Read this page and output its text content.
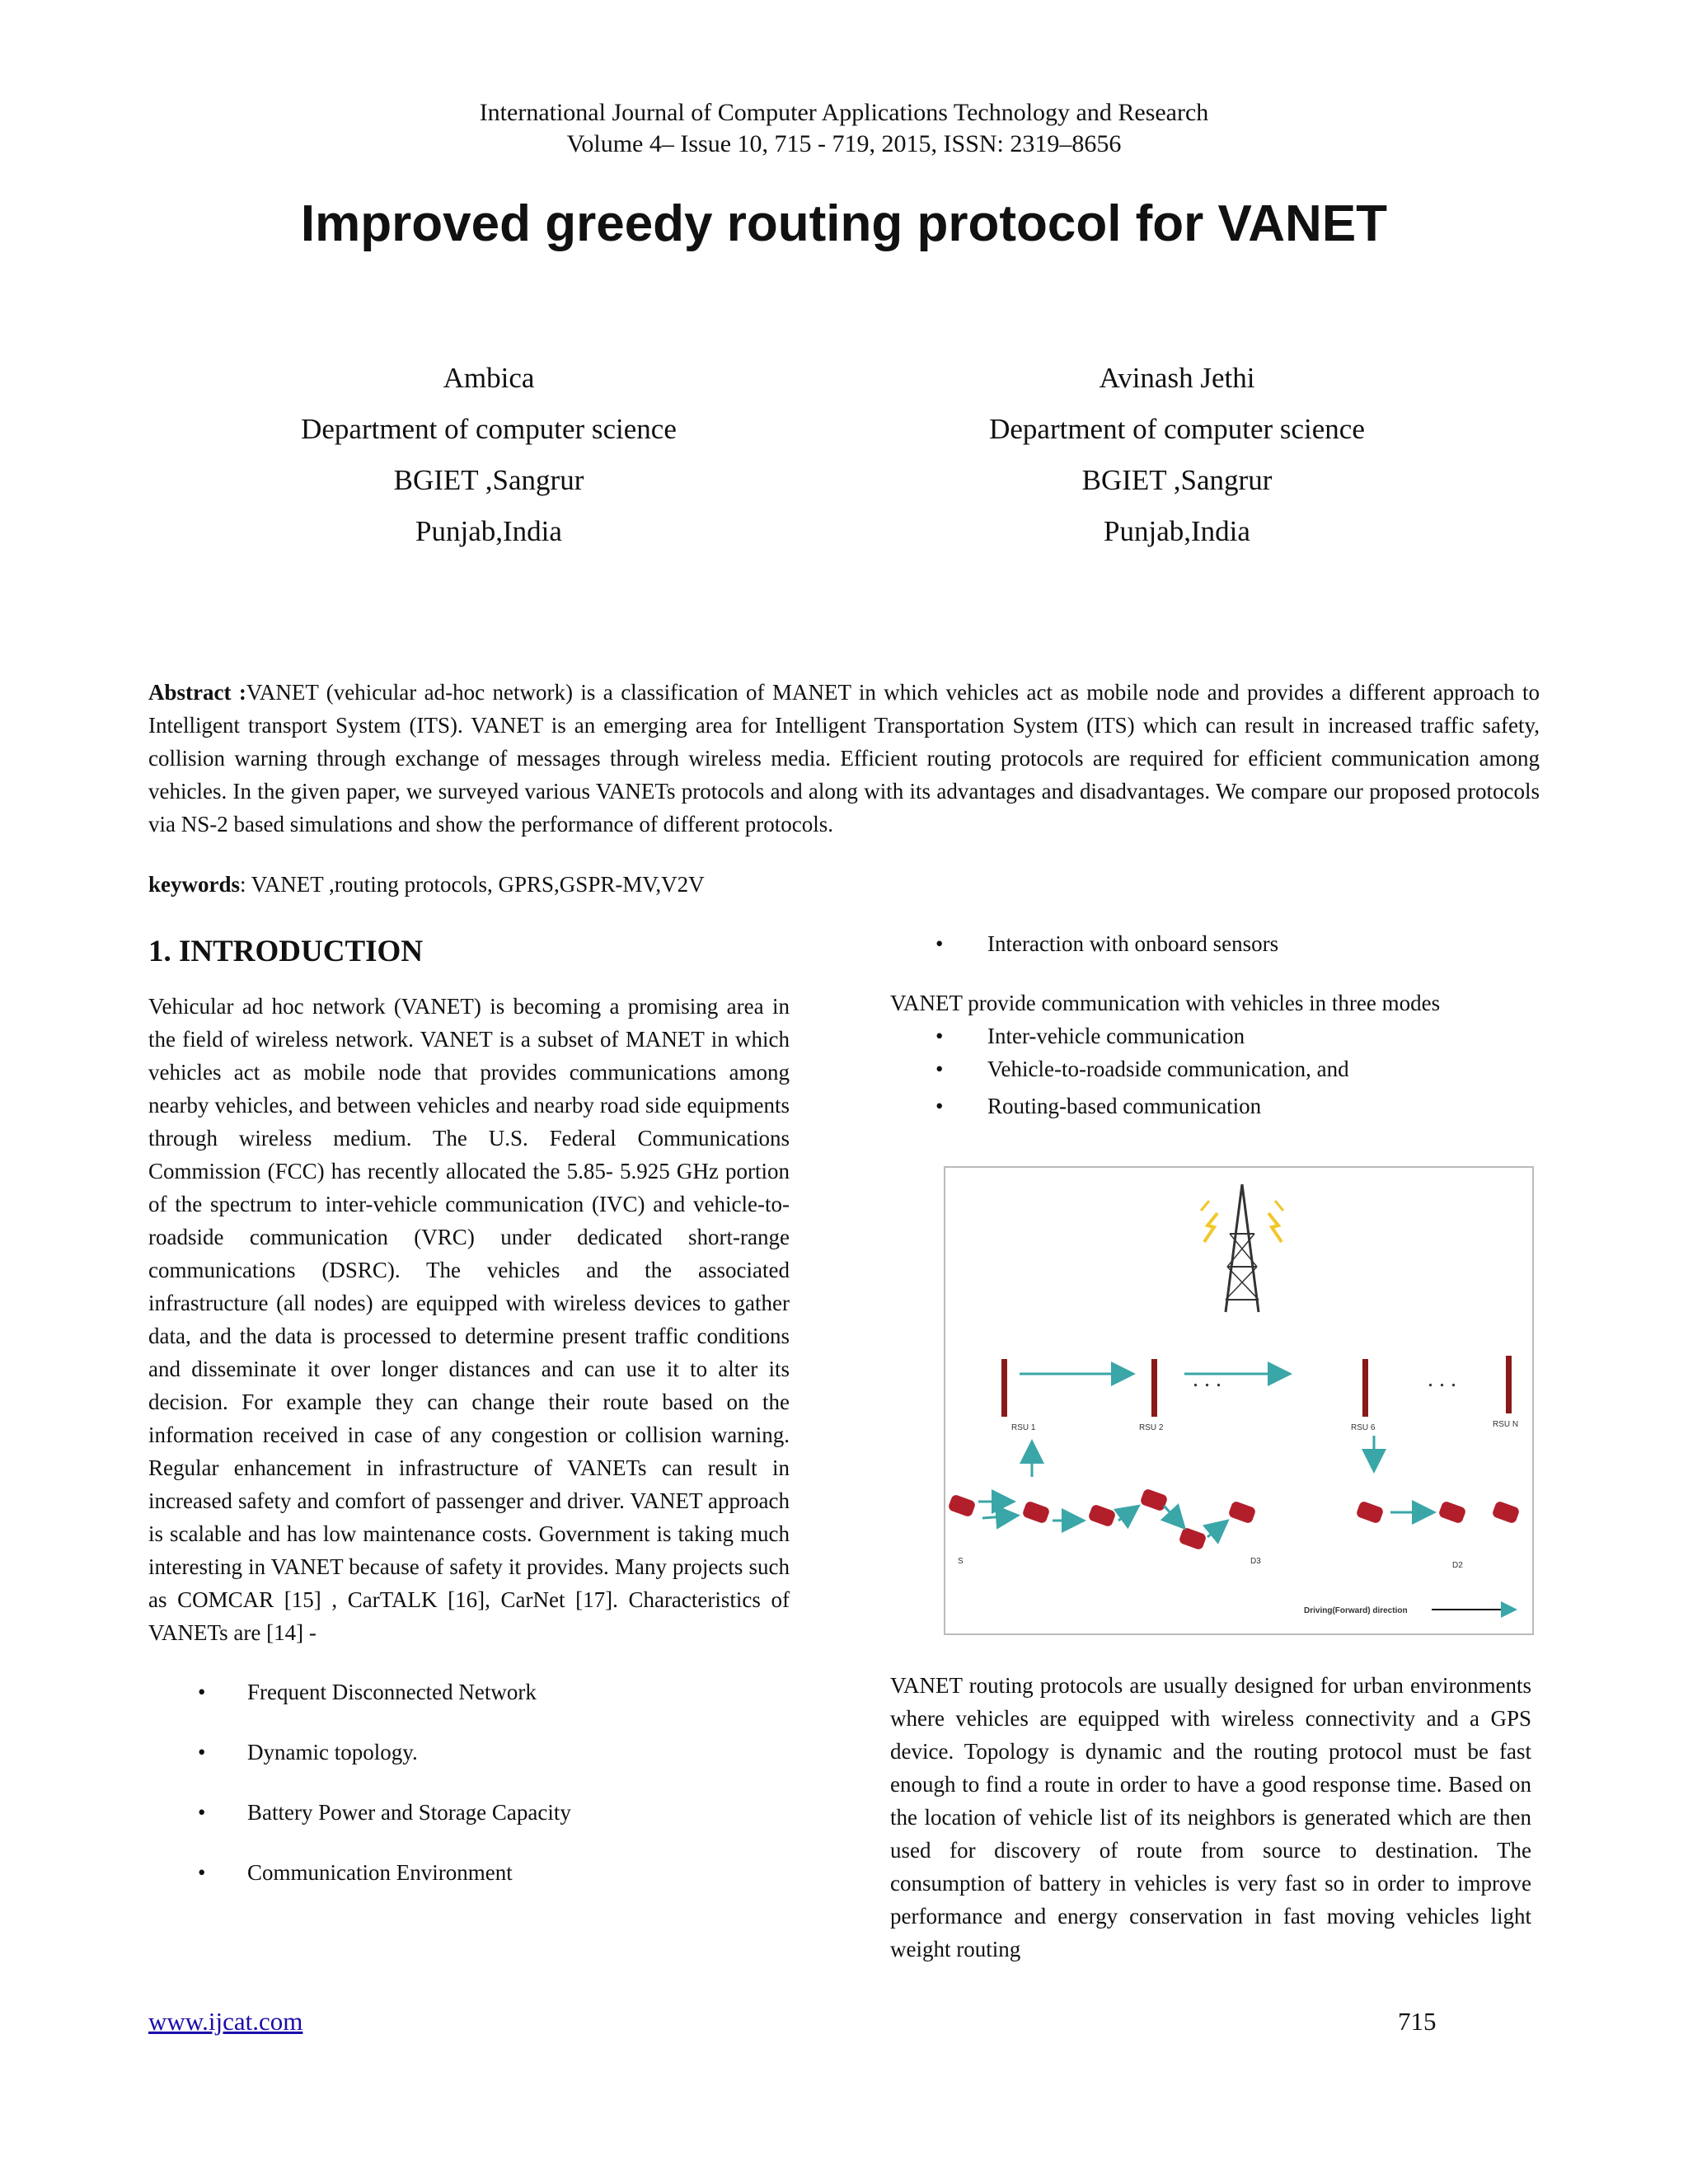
International Journal of Computer Applications Technology and Research
Volume 4– Issue 10, 715 - 719, 2015, ISSN: 2319–8656
Improved greedy routing protocol for VANET
Ambica
Department of computer science
BGIET ,Sangrur
Punjab,India
Avinash Jethi
Department of computer science
BGIET ,Sangrur
Punjab,India
Abstract :VANET (vehicular ad-hoc network) is a classification of MANET in which vehicles act as mobile node and provides a different approach to Intelligent transport System (ITS). VANET is an emerging area for Intelligent Transportation System (ITS) which can result in increased traffic safety, collision warning through exchange of messages through wireless media. Efficient routing protocols are required for efficient communication among vehicles. In the given paper, we surveyed various VANETs protocols and along with its advantages and disadvantages. We compare our proposed protocols via NS-2 based simulations and show the performance of different protocols.
keywords: VANET ,routing protocols, GPRS,GSPR-MV,V2V
1. INTRODUCTION

Vehicular ad hoc network (VANET) is becoming a promising area in the field of wireless network. VANET is a subset of MANET in which vehicles act as mobile node that provides communications among nearby vehicles, and between vehicles and nearby road side equipments through wireless medium. The U.S. Federal Communications Commission (FCC) has recently allocated the 5.85- 5.925 GHz portion of the spectrum to inter-vehicle communication (IVC) and vehicle-to-roadside communication (VRC) under dedicated short-range communications (DSRC). The vehicles and the associated infrastructure (all nodes) are equipped with wireless devices to gather data, and the data is processed to determine present traffic conditions and disseminate it over longer distances and can use it to alter its decision. For example they can change their route based on the information received in case of any congestion or collision warning. Regular enhancement in infrastructure of VANETs can result in increased safety and comfort of passenger and driver. VANET approach is scalable and has low maintenance costs. Government is taking much interesting in VANET because of safety it provides. Many projects such as COMCAR [15] , CarTALK [16], CarNet [17]. Characteristics of VANETs are [14] -

• Frequent Disconnected Network
• Dynamic topology.
• Battery Power and Storage Capacity
• Communication Environment
• Interaction with onboard sensors

VANET provide communication with vehicles in three modes

• Inter-vehicle communication
• Vehicle-to-roadside communication, and
• Routing-based communication

VANET routing protocols are usually designed for urban environments where vehicles are equipped with wireless connectivity and a GPS device. Topology is dynamic and the routing protocol must be fast enough to find a route in order to have a good response time. Based on the location of vehicle list of its neighbors is generated which are then used for discovery of route from source to destination. The consumption of battery in vehicles is very fast so in order to improve performance and energy conservation in fast moving vehicles light weight routing

RSU 1	RSU 2	RSU 6	RSU N
. . .	. . .
S	D3	D2
Driving(Forward) direction
www.ijcat.com	715
